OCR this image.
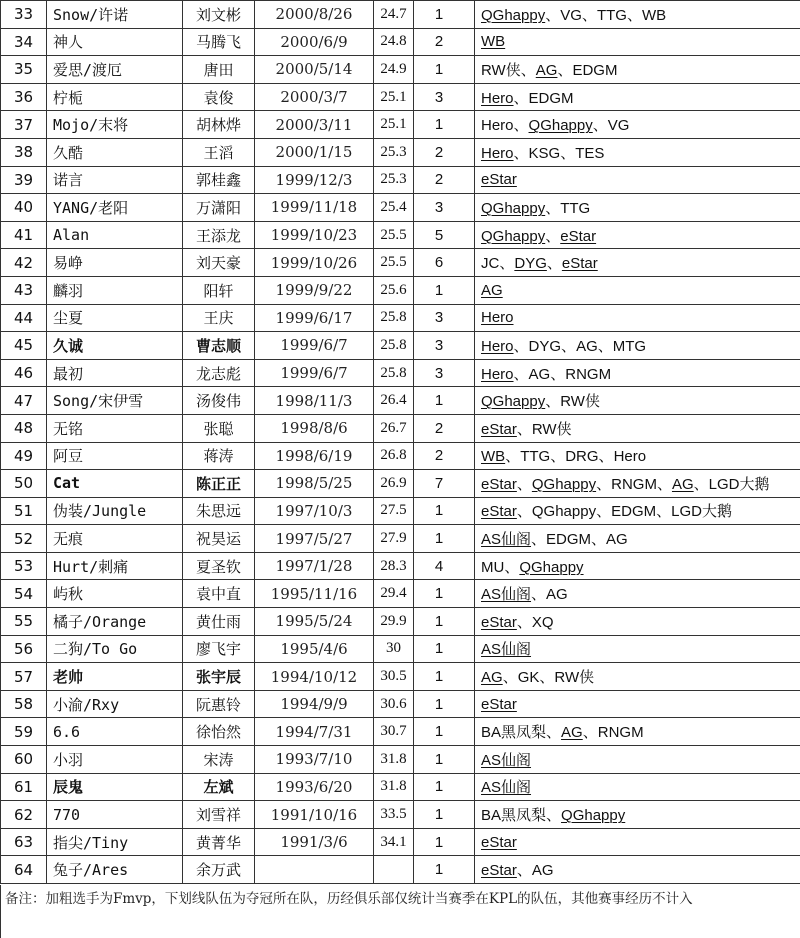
33	Snow/许诺	刘文彬	2000/8/26	24.7	1	QGhappy、VG、TTG、WB
34	神人	马腾飞	2000/6/9	24.8	2	WB
35	爱思/渡厄	唐田	2000/5/14	24.9	1	RW侠、AG、EDGM
36	柠栀	袁俊	2000/3/7	25.1	3	Hero、EDGM
37	Mojo/末将	胡林烨	2000/3/11	25.1	1	Hero、QGhappy、VG
38	久酷	王滔	2000/1/15	25.3	2	Hero、KSG、TES
39	诺言	郭桂鑫	1999/12/3	25.3	2	eStar
40	YANG/老阳	万潇阳	1999/11/18	25.4	3	QGhappy、TTG
41	Alan	王添龙	1999/10/23	25.5	5	QGhappy、eStar
42	易峥	刘天豪	1999/10/26	25.5	6	JC、DYG、eStar
43	麟羽	阳轩	1999/9/22	25.6	1	AG
44	尘夏	王庆	1999/6/17	25.8	3	Hero
45	久诚	曹志顺	1999/6/7	25.8	3	Hero、DYG、AG、MTG
46	最初	龙志彪	1999/6/7	25.8	3	Hero、AG、RNGM
47	Song/宋伊雪	汤俊伟	1998/11/3	26.4	1	QGhappy、RW侠
48	无铭	张聪	1998/8/6	26.7	2	eStar、RW侠
49	阿豆	蒋涛	1998/6/19	26.8	2	WB、TTG、DRG、Hero
50	Cat	陈正正	1998/5/25	26.9	7	eStar、QGhappy、RNGM、AG、LGD大鹅
51	伪装/Jungle	朱思远	1997/10/3	27.5	1	eStar、QGhappy、EDGM、LGD大鹅
52	无痕	祝昊运	1997/5/27	27.9	1	AS仙阁、EDGM、AG
53	Hurt/刺痛	夏圣钦	1997/1/28	28.3	4	MU、QGhappy
54	屿秋	袁中直	1995/11/16	29.4	1	AS仙阁、AG
55	橘子/Orange	黄仕雨	1995/5/24	29.9	1	eStar、XQ
56	二狗/To Go	廖飞宇	1995/4/6	30	1	AS仙阁
57	老帅	张宇辰	1994/10/12	30.5	1	AG、GK、RW侠
58	小渝/Rxy	阮惠铃	1994/9/9	30.6	1	eStar
59	6.6	徐怡然	1994/7/31	30.7	1	BA黑凤梨、AG、RNGM
60	小羽	宋涛	1993/7/10	31.8	1	AS仙阁
61	辰鬼	左斌	1993/6/20	31.8	1	AS仙阁
62	770	刘雪祥	1991/10/16	33.5	1	BA黑凤梨、QGhappy
63	指尖/Tiny	黄菁华	1991/3/6	34.1	1	eStar
64	兔子/Ares	余万武			1	eStar、AG
备注：加粗选手为Fmvp，下划线队伍为夺冠所在队，历经俱乐部仅统计当赛季在KPL的队伍，其他赛事经历不计入
